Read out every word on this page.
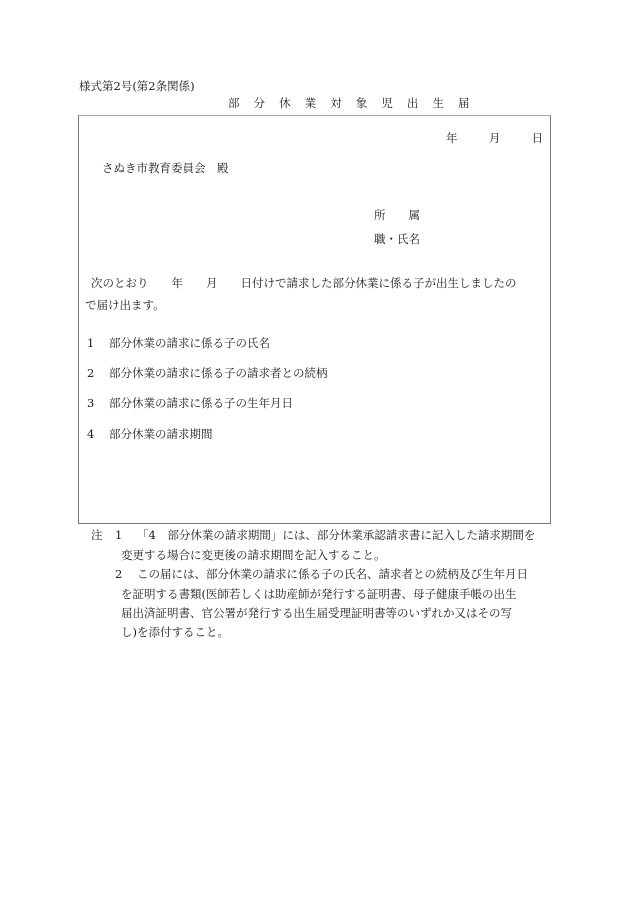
様式第2号(第2条関係)
部 分 休 業 対 象 児 出 生 届
年	月	日
さぬき市教育委員会　殿
所　　属
職・氏名
次のとおり　　年　　月　　日付けで請求した部分休業に係る子が出生しましたの
で届け出ます。
1 部分休業の請求に係る子の氏名
2 部分休業の請求に係る子の請求者との続柄
3 部分休業の請求に係る子の生年月日
4 部分休業の請求期間
注 1 「4　部分休業の請求期間」には、部分休業承認請求書に記入した請求期間を
変更する場合に変更後の請求期間を記入すること。
2 この届には、部分休業の請求に係る子の氏名、請求者との続柄及び生年月日
を証明する書類(医師若しくは助産師が発行する証明書、母子健康手帳の出生
届出済証明書、官公署が発行する出生届受理証明書等のいずれか又はその写
し)を添付すること。
